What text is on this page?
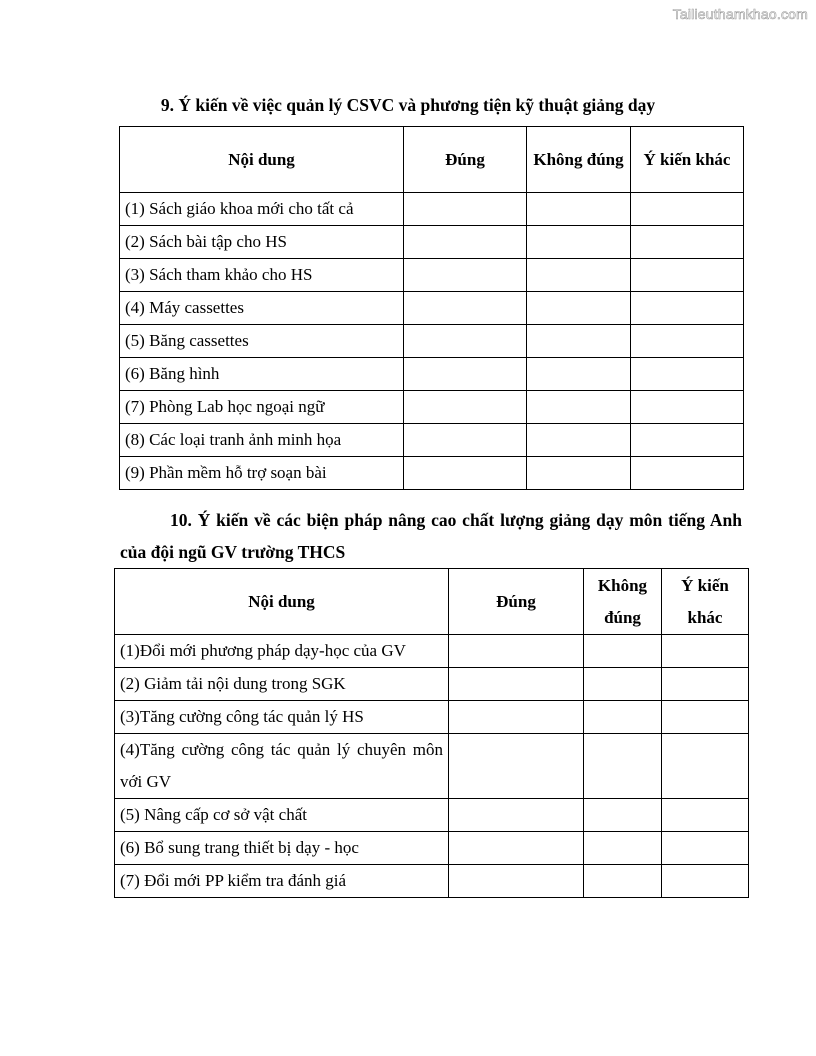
Tailieuthamkhao.com
9. Ý kiến về việc quản lý CSVC và phương tiện kỹ thuật giảng dạy
Nội dung	Đúng	Không đúng	Ý kiến khác
(1) Sách giáo khoa mới cho tất cả			
(2) Sách bài tập cho HS			
(3) Sách tham khảo cho HS			
(4) Máy cassettes			
(5) Băng cassettes			
(6) Băng hình			
(7) Phòng Lab học ngoại ngữ			
(8) Các loại tranh ảnh minh họa			
(9) Phần mềm hỗ trợ soạn bài			
10. Ý kiến về các biện pháp nâng cao chất lượng giảng dạy môn tiếng Anh của đội ngũ GV trường THCS
Nội dung	Đúng	Không đúng	Ý kiến khác
(1)Đổi mới phương pháp dạy-học của GV			
(2) Giảm tải nội dung trong SGK			
(3)Tăng cường công tác quản lý HS			
(4)Tăng cường công tác quản lý chuyên môn với GV			
(5) Nâng cấp cơ sở vật chất			
(6) Bổ sung trang thiết bị dạy - học			
(7) Đổi mới PP kiểm tra đánh giá			
